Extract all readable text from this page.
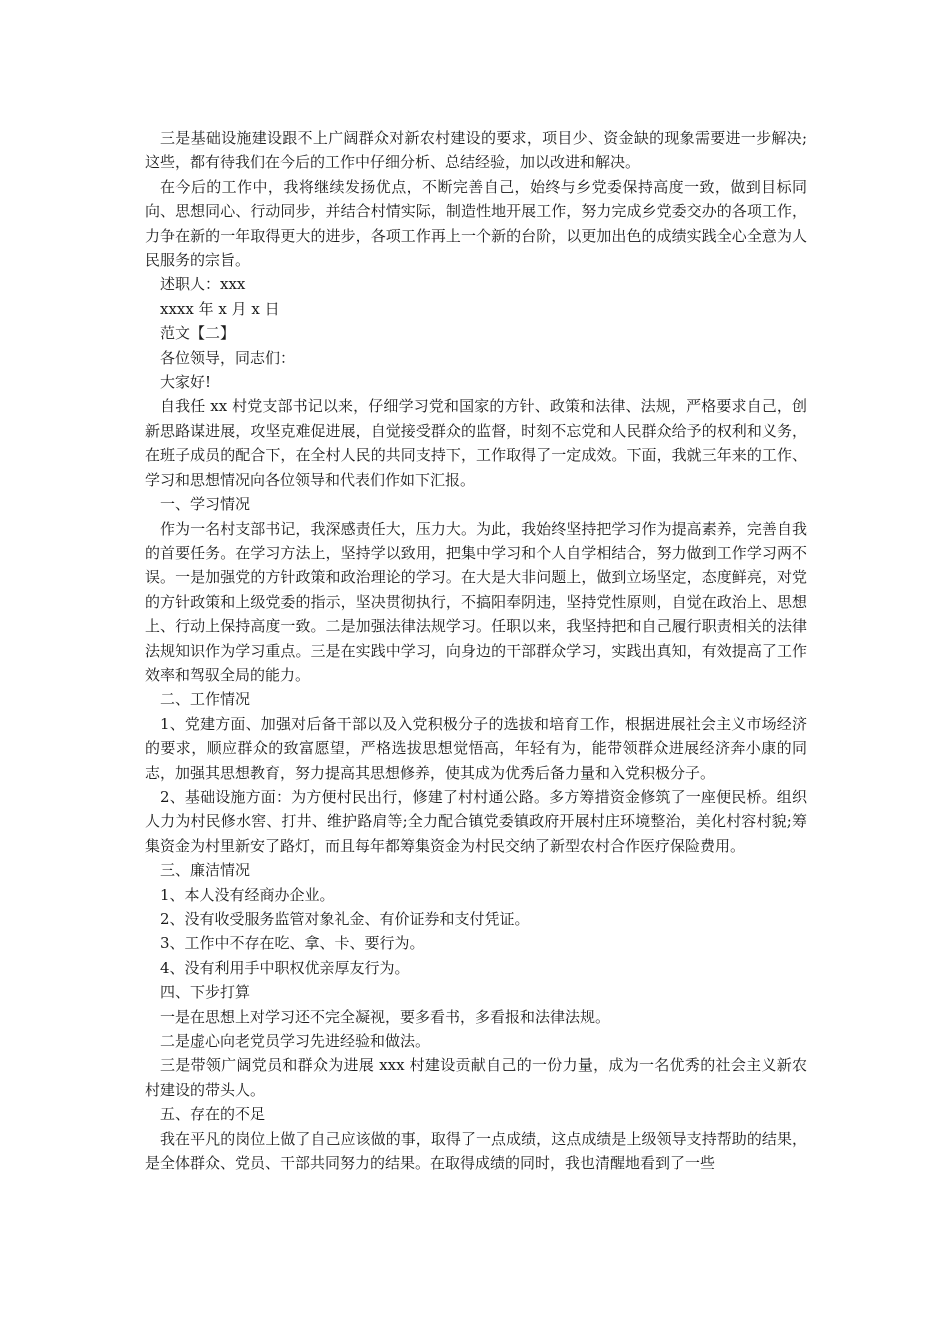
三是基础设施建设跟不上广阔群众对新农村建设的要求，项目少、资金缺的现象需要进一步解决;这些，都有待我们在今后的工作中仔细分析、总结经验，加以改进和解决。

在今后的工作中，我将继续发扬优点，不断完善自己，始终与乡党委保持高度一致，做到目标同向、思想同心、行动同步，并结合村情实际，制造性地开展工作，努力完成乡党委交办的各项工作，力争在新的一年取得更大的进步，各项工作再上一个新的台阶，以更加出色的成绩实践全心全意为人民服务的宗旨。

述职人：xxx

xxxx 年 x 月 x 日

范文【二】

各位领导，同志们：

大家好!

自我任 xx 村党支部书记以来，仔细学习党和国家的方针、政策和法律、法规，严格要求自己，创新思路谋进展，攻坚克难促进展，自觉接受群众的监督，时刻不忘党和人民群众给予的权利和义务，在班子成员的配合下，在全村人民的共同支持下，工作取得了一定成效。下面，我就三年来的工作、学习和思想情况向各位领导和代表们作如下汇报。

一、学习情况

作为一名村支部书记，我深感责任大，压力大。为此，我始终坚持把学习作为提高素养，完善自我的首要任务。在学习方法上，坚持学以致用，把集中学习和个人自学相结合，努力做到工作学习两不误。一是加强党的方针政策和政治理论的学习。在大是大非问题上，做到立场坚定，态度鲜亮，对党的方针政策和上级党委的指示，坚决贯彻执行，不搞阳奉阴违，坚持党性原则，自觉在政治上、思想上、行动上保持高度一致。二是加强法律法规学习。任职以来，我坚持把和自己履行职责相关的法律法规知识作为学习重点。三是在实践中学习，向身边的干部群众学习，实践出真知，有效提高了工作效率和驾驭全局的能力。

二、工作情况

1、党建方面、加强对后备干部以及入党积极分子的选拔和培育工作，根据进展社会主义市场经济的要求，顺应群众的致富愿望，严格选拔思想觉悟高，年轻有为，能带领群众进展经济奔小康的同志，加强其思想教育，努力提高其思想修养，使其成为优秀后备力量和入党积极分子。

2、基础设施方面：为方便村民出行，修建了村村通公路。多方筹措资金修筑了一座便民桥。组织人力为村民修水窖、打井、维护路肩等;全力配合镇党委镇政府开展村庄环境整治，美化村容村貌;筹集资金为村里新安了路灯，而且每年都筹集资金为村民交纳了新型农村合作医疗保险费用。

三、廉洁情况

1、本人没有经商办企业。

2、没有收受服务监管对象礼金、有价证券和支付凭证。

3、工作中不存在吃、拿、卡、要行为。

4、没有利用手中职权优亲厚友行为。

四、下步打算

一是在思想上对学习还不完全凝视，要多看书，多看报和法律法规。

二是虚心向老党员学习先进经验和做法。

三是带领广阔党员和群众为进展 xxx 村建设贡献自己的一份力量，成为一名优秀的社会主义新农村建设的带头人。

五、存在的不足

我在平凡的岗位上做了自己应该做的事，取得了一点成绩，这点成绩是上级领导支持帮助的结果，是全体群众、党员、干部共同努力的结果。在取得成绩的同时，我也清醒地看到了一些
